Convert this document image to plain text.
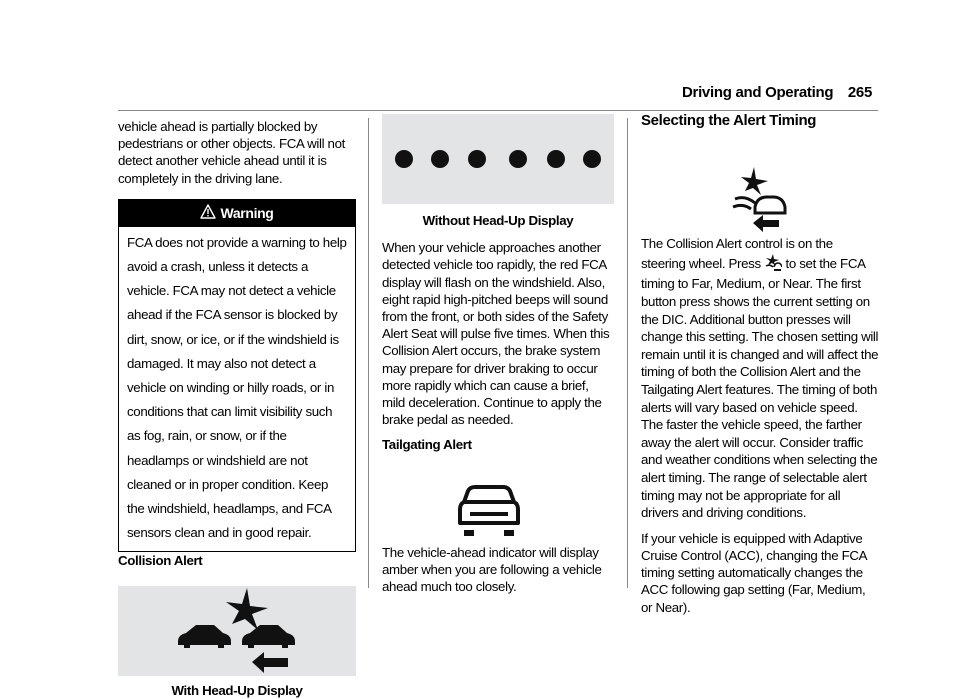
Driving and Operating 265

vehicle ahead is partially blocked by pedestrians or other objects. FCA will not detect another vehicle ahead until it is completely in the driving lane.

Warning
FCA does not provide a warning to help avoid a crash, unless it detects a vehicle. FCA may not detect a vehicle ahead if the FCA sensor is blocked by dirt, snow, or ice, or if the windshield is damaged. It may also not detect a vehicle on winding or hilly roads, or in conditions that can limit visibility such as fog, rain, or snow, or if the headlamps or windshield are not cleaned or in proper condition. Keep the windshield, headlamps, and FCA sensors clean and in good repair.

Collision Alert

With Head-Up Display
Without Head-Up Display

When your vehicle approaches another detected vehicle too rapidly, the red FCA display will flash on the windshield. Also, eight rapid high-pitched beeps will sound from the front, or both sides of the Safety Alert Seat will pulse five times. When this Collision Alert occurs, the brake system may prepare for driver braking to occur more rapidly which can cause a brief, mild deceleration. Continue to apply the brake pedal as needed.

Tailgating Alert

The vehicle-ahead indicator will display amber when you are following a vehicle ahead much too closely.

Selecting the Alert Timing

The Collision Alert control is on the steering wheel. Press to set the FCA timing to Far, Medium, or Near. The first button press shows the current setting on the DIC. Additional button presses will change this setting. The chosen setting will remain until it is changed and will affect the timing of both the Collision Alert and the Tailgating Alert features. The timing of both alerts will vary based on vehicle speed. The faster the vehicle speed, the farther away the alert will occur. Consider traffic and weather conditions when selecting the alert timing. The range of selectable alert timing may not be appropriate for all drivers and driving conditions.

If your vehicle is equipped with Adaptive Cruise Control (ACC), changing the FCA timing setting automatically changes the ACC following gap setting (Far, Medium, or Near).
